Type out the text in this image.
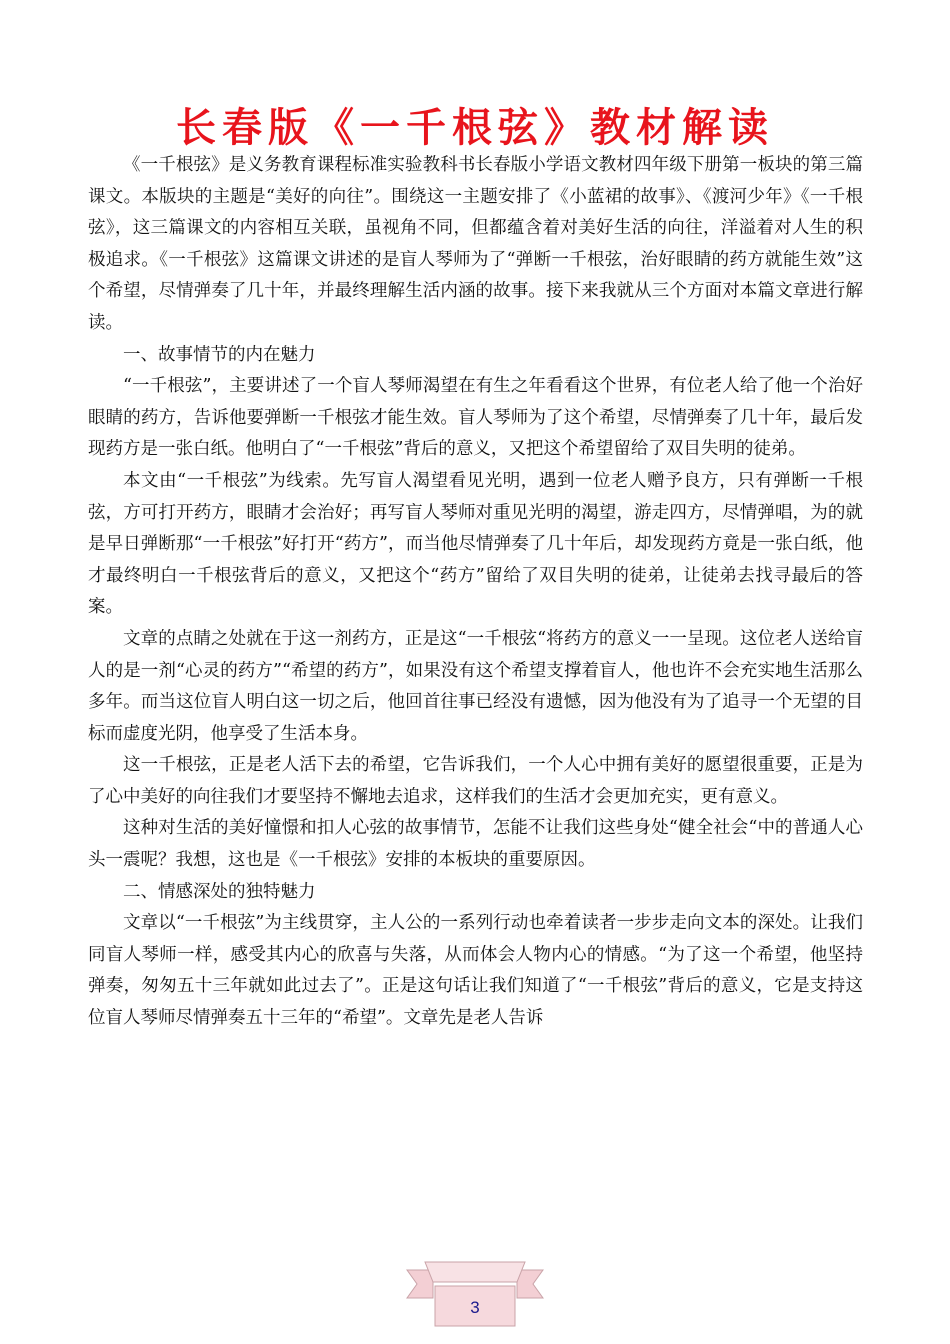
长春版《一千根弦》教材解读

《一千根弦》是义务教育课程标准实验教科书长春版小学语文教材四年级下册第一板块的第三篇课文。本版块的主题是“美好的向往”。围绕这一主题安排了《小蓝裙的故事》、《渡河少年》《一千根弦》，这三篇课文的内容相互关联，虽视角不同，但都蕴含着对美好生活的向往，洋溢着对人生的积极追求。《一千根弦》这篇课文讲述的是盲人琴师为了“弹断一千根弦，治好眼睛的药方就能生效”这个希望，尽情弹奏了几十年，并最终理解生活内涵的故事。接下来我就从三个方面对本篇文章进行解读。

一、故事情节的内在魅力

“一千根弦”，主要讲述了一个盲人琴师渴望在有生之年看看这个世界，有位老人给了他一个治好眼睛的药方，告诉他要弹断一千根弦才能生效。盲人琴师为了这个希望，尽情弹奏了几十年，最后发现药方是一张白纸。他明白了“一千根弦”背后的意义，又把这个希望留给了双目失明的徒弟。

本文由“一千根弦”为线索。先写盲人渴望看见光明，遇到一位老人赠予良方，只有弹断一千根弦，方可打开药方，眼睛才会治好；再写盲人琴师对重见光明的渴望，游走四方，尽情弹唱，为的就是早日弹断那“一千根弦”好打开“药方”，而当他尽情弹奏了几十年后，却发现药方竟是一张白纸，他才最终明白一千根弦背后的意义，又把这个“药方”留给了双目失明的徒弟，让徒弟去找寻最后的答案。

文章的点睛之处就在于这一剂药方，正是这“一千根弦“将药方的意义一一呈现。这位老人送给盲人的是一剂“心灵的药方”“希望的药方”，如果没有这个希望支撑着盲人，他也许不会充实地生活那么多年。而当这位盲人明白这一切之后，他回首往事已经没有遗憾，因为他没有为了追寻一个无望的目标而虚度光阴，他享受了生活本身。

这一千根弦，正是老人活下去的希望，它告诉我们，一个人心中拥有美好的愿望很重要，正是为了心中美好的向往我们才要坚持不懈地去追求，这样我们的生活才会更加充实，更有意义。

这种对生活的美好憧憬和扣人心弦的故事情节，怎能不让我们这些身处“健全社会“中的普通人心头一震呢？我想，这也是《一千根弦》安排的本板块的重要原因。

二、情感深处的独特魅力

文章以“一千根弦”为主线贯穿，主人公的一系列行动也牵着读者一步步走向文本的深处。让我们同盲人琴师一样，感受其内心的欣喜与失落，从而体会人物内心的情感。“为了这一个希望，他坚持弹奏，匆匆五十三年就如此过去了”。正是这句话让我们知道了“一千根弦”背后的意义，它是支持这位盲人琴师尽情弹奏五十三年的“希望”。文章先是老人告诉

3
